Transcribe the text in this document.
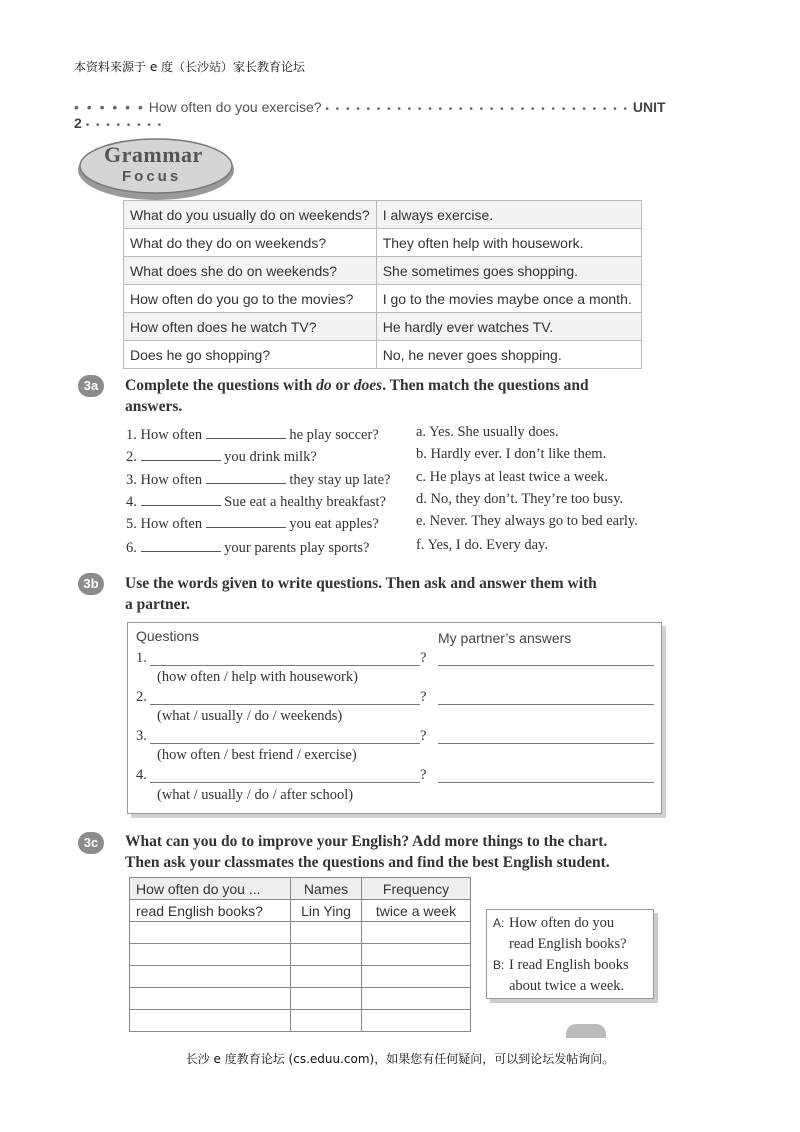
本资料来源于 e 度（长沙站）家长教育论坛
• • • • • • How often do you exercise? • • • • • • • • • • • • • • • • • • • • • • • • • • • • • • UNIT 2 • • • • • • • •
Grammar
Focus
What do you usually do on weekends?	I always exercise.
What do they do on weekends?	They often help with housework.
What does she do on weekends?	She sometimes goes shopping.
How often do you go to the movies?	I go to the movies maybe once a month.
How often does he watch TV?	He hardly ever watches TV.
Does he go shopping?	No, he never goes shopping.
3a	Complete the questions with do or does. Then match the questions and
answers.
1. How often	he play soccer?
2.	you drink milk?
3. How often	they stay up late?
4.	Sue eat a healthy breakfast?
5. How often	you eat apples?
6.	your parents play sports?
a. Yes. She usually does.
b. Hardly ever. I don’t like them.
c. He plays at least twice a week.
d. No, they don’t. They’re too busy.
e. Never. They always go to bed early.
f. Yes, I do. Every day.
3b	Use the words given to write questions. Then ask and answer them with
a partner.
Questions	My partner’s answers
1.	?
(how often / help with housework)
2.	?
(what / usually / do / weekends)
3.	?
(how often / best friend / exercise)
4.	?
(what / usually / do / after school)
3c	What can you do to improve your English? Add more things to the chart.
Then ask your classmates the questions and find the best English student.
How often do you ...	Names	Frequency
read English books?	Lin Ying	twice a week

A: How often do you
read English books?
B: I read English books
about twice a week.
长沙 e 度教育论坛 (cs.eduu.com)，如果您有任何疑问，可以到论坛发帖询问。
